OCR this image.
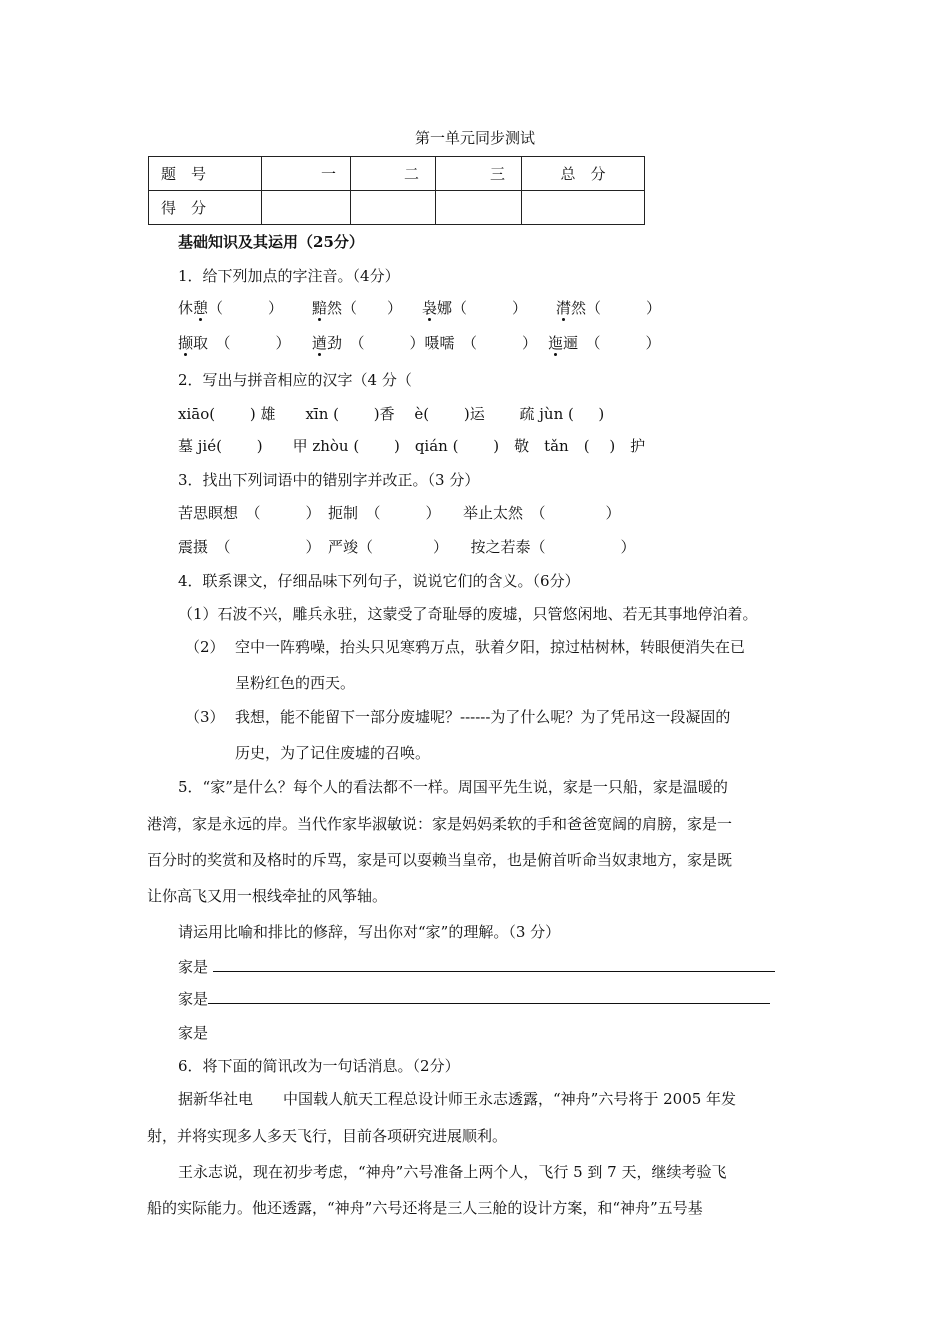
第一单元同步测试
题　号	一	二	三	总　分
得　分				
基础知识及其运用（25分）
1．给下列加点的字注音。（4分）
休憩（　　　） 黯然（　　） 袅娜（　　　） 潸然（　　　）
撷取　（　　　） 遒劲　（　　　）嗫嚅　（　　　） 迤逦　（　　　）
2．写出与拼音相应的汉字（4 分（
xiāo(　　 ) 雄　　xīn (　　 )香　 è(　　 )运　　 疏 jùn ( 　 )
墓 jié(　　 )　　甲 zhòu (　　 )　qián (　　 )　敬　tǎn　(　 )　护
3．找出下列词语中的错别字并改正。（3 分）
苦思瞑想　（　　　）　扼制　（　　　）　　举止太然　（　　　　）
震摄　（　　　　　）　严竣（　　　　）　　按之若泰（　　　　　）
4．联系课文，仔细品味下列句子，说说它们的含义。（6分）
（1）石波不兴，雕兵永驻，这蒙受了奇耻辱的废墟，只管悠闲地、若无其事地停泊着。
（2） 空中一阵鸦噪，抬头只见寒鸦万点，驮着夕阳，掠过枯树林，转眼便消失在已
呈粉红色的西天。
（3） 我想，能不能留下一部分废墟呢？------为了什么呢？为了凭吊这一段凝固的
历史，为了记住废墟的召唤。
5．“家”是什么？每个人的看法都不一样。周国平先生说，家是一只船，家是温暖的
港湾，家是永远的岸。当代作家毕淑敏说：家是妈妈柔软的手和爸爸宽阔的肩膀，家是一
百分时的奖赏和及格时的斥骂，家是可以耍赖当皇帝，也是俯首听命当奴隶地方，家是既
让你高飞又用一根线牵扯的风筝轴。
请运用比喻和排比的修辞，写出你对“家”的理解。（3 分）
家是
家是
家是
6．将下面的简讯改为一句话消息。（2分）
据新华社电　　中国载人航天工程总设计师王永志透露，“神舟”六号将于 2005 年发
射，并将实现多人多天飞行，目前各项研究进展顺利。
王永志说，现在初步考虑，“神舟”六号准备上两个人，飞行 5 到 7 天，继续考验飞
船的实际能力。他还透露，“神舟”六号还将是三人三舱的设计方案，和“神舟”五号基
